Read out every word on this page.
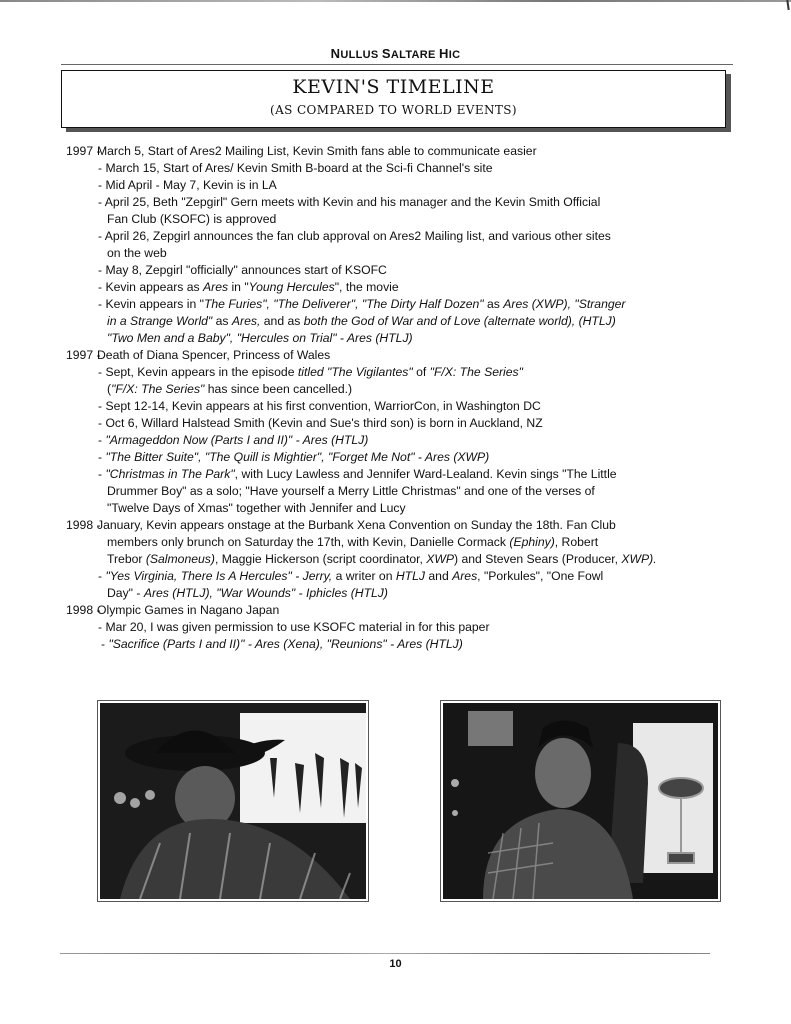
NULLUS SALTARE HIC
KEVIN'S TIMELINE
(AS COMPARED TO WORLD EVENTS)
1997 -
March 5, Start of Ares2 Mailing List, Kevin Smith fans able to communicate easier
- March 15, Start of Ares/ Kevin Smith B-board at the Sci-fi Channel's site
- Mid April - May 7, Kevin is in LA
- April 25, Beth "Zepgirl" Gern meets with Kevin and his manager and the Kevin Smith Official
Fan Club (KSOFC) is approved
- April 26, Zepgirl announces the fan club approval on Ares2 Mailing list, and various other sites
on the web
- May 8, Zepgirl "officially" announces start of KSOFC
- Kevin appears as Ares in "Young Hercules", the movie
- Kevin appears in "The Furies", "The Deliverer", "The Dirty Half Dozen" as Ares (XWP), "Stranger
in a Strange World" as Ares, and as both the God of War and of Love (alternate world), (HTLJ)
"Two Men and a Baby", "Hercules on Trial" - Ares (HTLJ)
1997 -
Death of Diana Spencer, Princess of Wales
- Sept, Kevin appears in the episode titled "The Vigilantes" of "F/X: The Series"
("F/X: The Series" has since been cancelled.)
- Sept 12-14, Kevin appears at his first convention, WarriorCon, in Washington DC
- Oct 6, Willard Halstead Smith (Kevin and Sue's third son) is born in Auckland, NZ
- "Armageddon Now (Parts I and II)" - Ares (HTLJ)
- "The Bitter Suite", "The Quill is Mightier", "Forget Me Not" - Ares (XWP)
- "Christmas in The Park", with Lucy Lawless and Jennifer Ward-Lealand. Kevin sings "The Little
Drummer Boy" as a solo; "Have yourself a Merry Little Christmas" and one of the verses of
"Twelve Days of Xmas" together with Jennifer and Lucy
1998 -
January, Kevin appears onstage at the Burbank Xena Convention on Sunday the 18th. Fan Club
members only brunch on Saturday the 17th, with Kevin, Danielle Cormack (Ephiny), Robert
Trebor (Salmoneus), Maggie Hickerson (script coordinator, XWP) and Steven Sears (Producer, XWP).
- "Yes Virginia, There Is A Hercules" - Jerry, a writer on HTLJ and Ares, "Porkules", "One Fowl
Day" - Ares (HTLJ), "War Wounds" - Iphicles (HTLJ)
1998 -
Olympic Games in Nagano Japan
- Mar 20, I was given permission to use KSOFC material in for this paper
- "Sacrifice (Parts I and II)" - Ares (Xena), "Reunions" - Ares (HTLJ)
10
